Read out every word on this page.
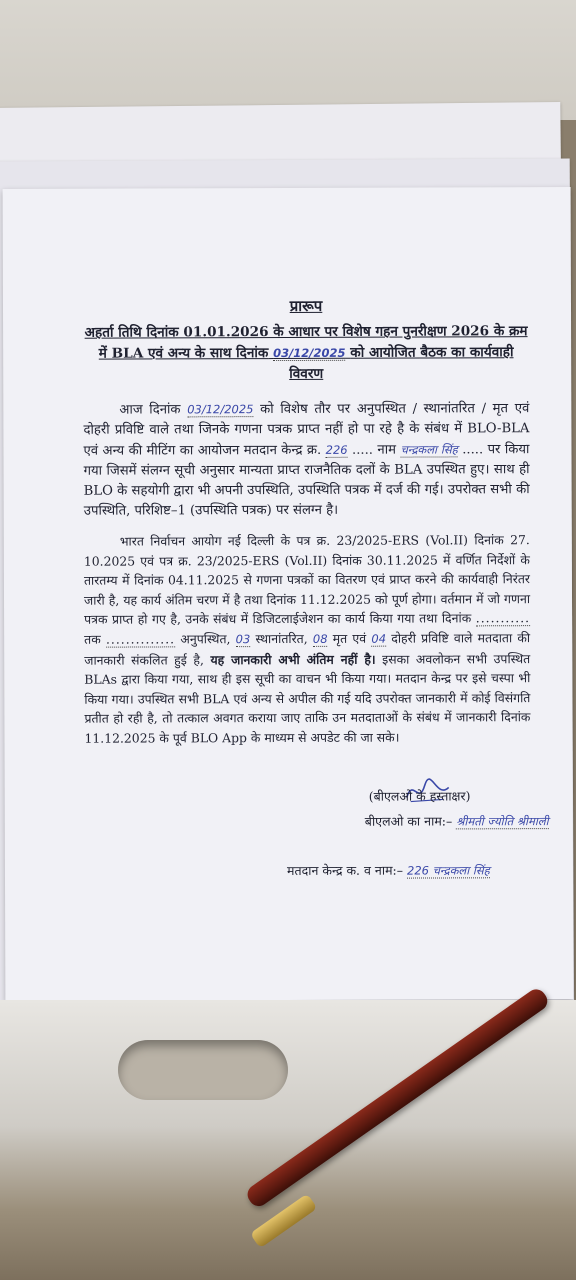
प्रारूप
अहर्ता तिथि दिनांक 01.01.2026 के आधार पर विशेष गहन पुनरीक्षण 2026 के क्रम
में BLA एवं अन्य के साथ दिनांक 03/12/2025 को आयोजित बैठक का कार्यवाही
विवरण
आज दिनांक 03/12/2025 को विशेष तौर पर अनुपस्थित / स्थानांतरित / मृत एवं दोहरी प्रविष्टि वाले तथा जिनके गणना पत्रक प्राप्त नहीं हो पा रहे है के संबंध में BLO-BLA एवं अन्य की मीटिंग का आयोजन मतदान केन्द्र क्र. 226 ..... नाम चन्द्रकला सिंह ..... पर किया गया जिसमें संलग्न सूची अनुसार मान्यता प्राप्त राजनैतिक दलों के BLA उपस्थित हुए। साथ ही BLO के सहयोगी द्वारा भी अपनी उपस्थिति, उपस्थिति पत्रक में दर्ज की गई। उपरोक्त सभी की उपस्थिति, परिशिष्ट–1 (उपस्थिति पत्रक) पर संलग्न है।
भारत निर्वाचन आयोग नई दिल्ली के पत्र क्र. 23/2025-ERS (Vol.II) दिनांक 27. 10.2025 एवं पत्र क्र. 23/2025-ERS (Vol.II) दिनांक 30.11.2025 में वर्णित निर्देशों के तारतम्य में दिनांक 04.11.2025 से गणना पत्रकों का वितरण एवं प्राप्त करने की कार्यवाही निरंतर जारी है, यह कार्य अंतिम चरण में है तथा दिनांक 11.12.2025 को पूर्ण होगा। वर्तमान में जो गणना पत्रक प्राप्त हो गए है, उनके संबंध में डिजिटलाईजेशन का कार्य किया गया तथा दिनांक ........... तक .............. अनुपस्थित, 03 स्थानांतरित, 08 मृत एवं 04 दोहरी प्रविष्टि वाले मतदाता की जानकारी संकलित हुई है, यह जानकारी अभी अंतिम नहीं है। इसका अवलोकन सभी उपस्थित BLAs द्वारा किया गया, साथ ही इस सूची का वाचन भी किया गया। मतदान केन्द्र पर इसे चस्पा भी किया गया। उपस्थित सभी BLA एवं अन्य से अपील की गई यदि उपरोक्त जानकारी में कोई विसंगति प्रतीत हो रही है, तो तत्काल अवगत कराया जाए ताकि उन मतदाताओं के संबंध में जानकारी दिनांक 11.12.2025 के पूर्व BLO App के माध्यम से अपडेट की जा सके।
(बीएलओ के हस्ताक्षर)
बीएलओ का नाम:– श्रीमती ज्योति श्रीमाली
मतदान केन्द्र क. व नाम:– 226 चन्द्रकला सिंह
